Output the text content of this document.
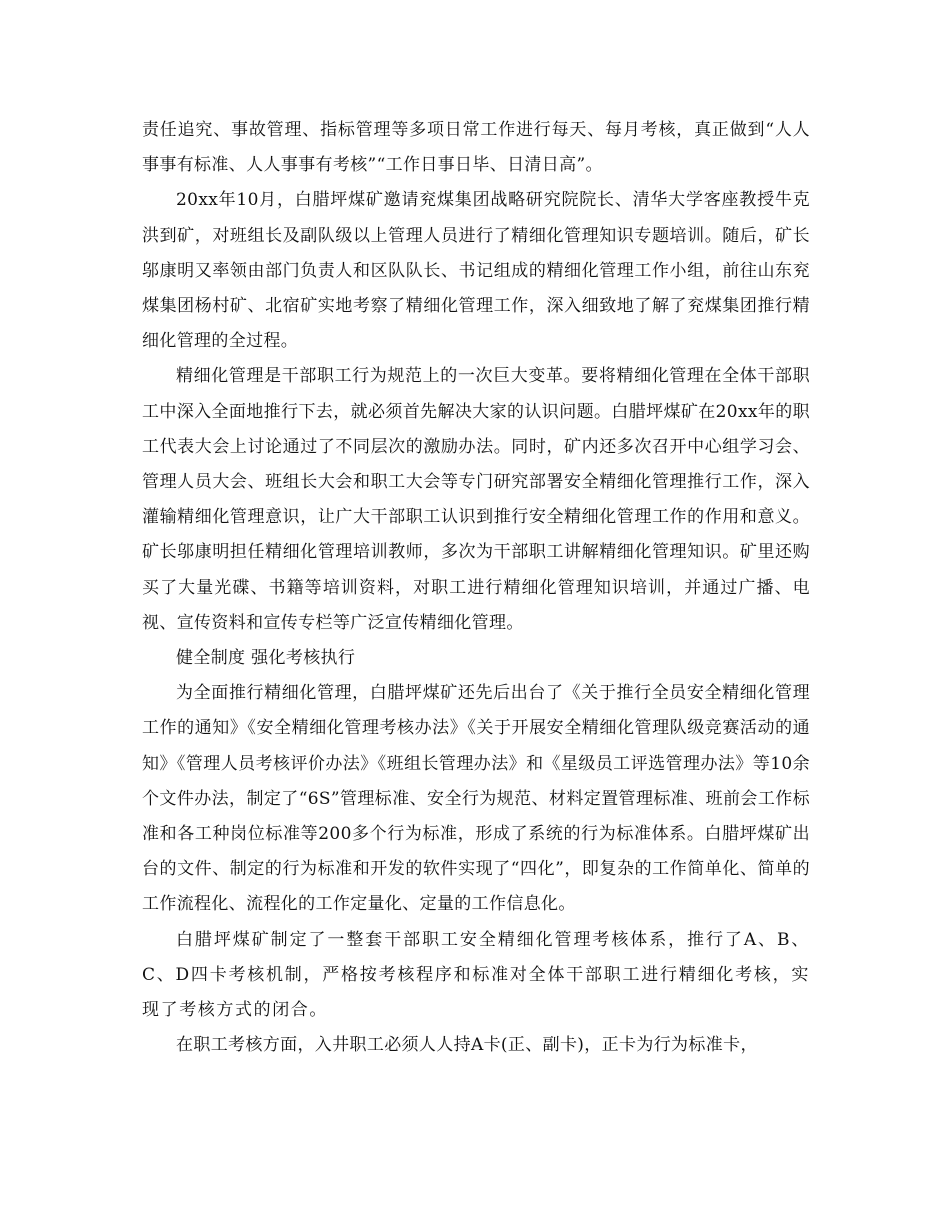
责任追究、事故管理、指标管理等多项日常工作进行每天、每月考核，真正做到“人人事事有标准、人人事事有考核”“工作日事日毕、日清日高”。

20xx年10月，白腊坪煤矿邀请兖煤集团战略研究院院长、清华大学客座教授牛克洪到矿，对班组长及副队级以上管理人员进行了精细化管理知识专题培训。随后，矿长邬康明又率领由部门负责人和区队队长、书记组成的精细化管理工作小组，前往山东兖煤集团杨村矿、北宿矿实地考察了精细化管理工作，深入细致地了解了兖煤集团推行精细化管理的全过程。

精细化管理是干部职工行为规范上的一次巨大变革。要将精细化管理在全体干部职工中深入全面地推行下去，就必须首先解决大家的认识问题。白腊坪煤矿在20xx年的职工代表大会上讨论通过了不同层次的激励办法。同时，矿内还多次召开中心组学习会、管理人员大会、班组长大会和职工大会等专门研究部署安全精细化管理推行工作，深入灌输精细化管理意识，让广大干部职工认识到推行安全精细化管理工作的作用和意义。矿长邬康明担任精细化管理培训教师，多次为干部职工讲解精细化管理知识。矿里还购买了大量光碟、书籍等培训资料，对职工进行精细化管理知识培训，并通过广播、电视、宣传资料和宣传专栏等广泛宣传精细化管理。

健全制度 强化考核执行

为全面推行精细化管理，白腊坪煤矿还先后出台了《关于推行全员安全精细化管理工作的通知》《安全精细化管理考核办法》《关于开展安全精细化管理队级竞赛活动的通知》《管理人员考核评价办法》《班组长管理办法》和《星级员工评选管理办法》等10余个文件办法，制定了“6S”管理标准、安全行为规范、材料定置管理标准、班前会工作标准和各工种岗位标准等200多个行为标准，形成了系统的行为标准体系。白腊坪煤矿出台的文件、制定的行为标准和开发的软件实现了“四化”，即复杂的工作简单化、简单的工作流程化、流程化的工作定量化、定量的工作信息化。

白腊坪煤矿制定了一整套干部职工安全精细化管理考核体系，推行了A、B、C、D四卡考核机制，严格按考核程序和标准对全体干部职工进行精细化考核，实现了考核方式的闭合。

在职工考核方面，入井职工必须人人持A卡(正、副卡)，正卡为行为标准卡，
